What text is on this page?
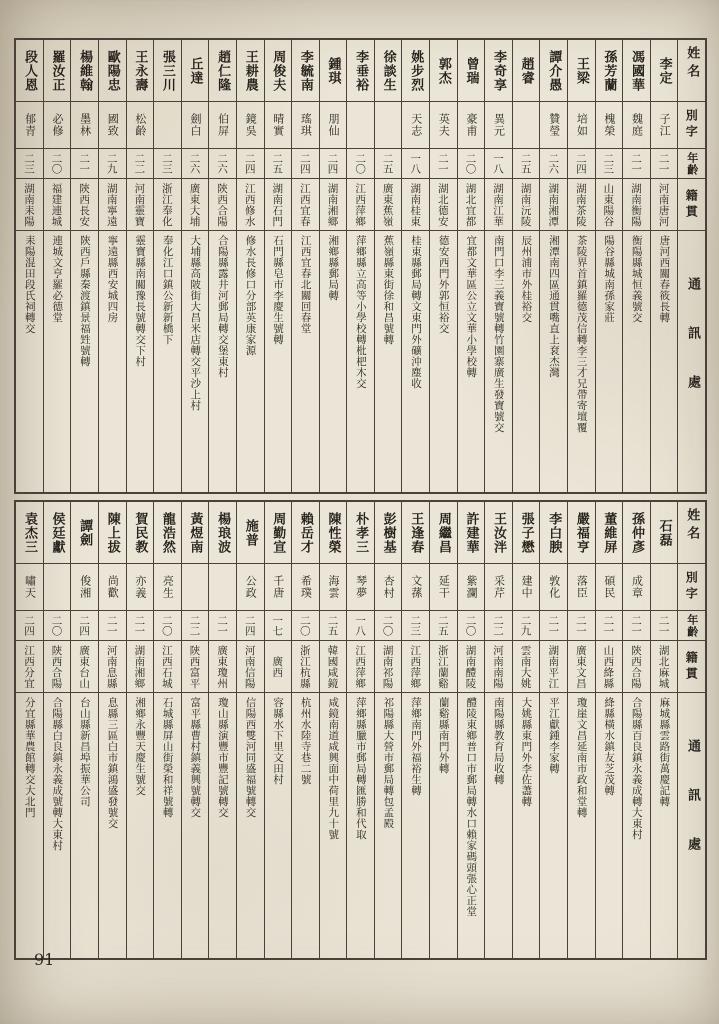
姓名
別字
年齡
籍貫
通訊處
李定
子江
二一
河南唐河
唐河西關春筱長轉
馮國華
魏庭
二一
湖南衡陽
衡陽縣城恒義號交
孫芳蘭
槐榮
二三
山東陽谷
陽谷縣城南孫家莊
王梁
培如
二四
湖南茶陵
茶陵界首鎮羅德茂信轉李三才兄帶寄壇覆
譚介愚
贊瑩
二六
湖南湘潭
湘潭南四區通貫嘴直上袞杰灣
趙睿
二五
湖南沅陵
辰州浦市外桂裕交
李奇享
異元
一八
湖南江華
南門口李三義寶號轉竹園寨廣生發寶號交
曾瑞
豪甫
二〇
湖北宜都
宜都文華區公立文華小學校轉
郭杰
英夫
二一
湖北德安
德安西門外郭恒裕交
姚步烈
天志
一八
湖南桂東
桂東縣郵局轉文東門外礦沖塵收
徐談生
二五
廣東蕉嶺
蕉嶺縣東街徐和昌號轉
李垂裕
二〇
江西萍鄉
萍鄉縣立高等小學校轉枇杷木交
鍾琪
朋仙
二四
湖南湘鄉
湘鄉縣郵局轉
李毓南
瑤琪
二四
江西宜春
江西宜春北關回春堂
周俊夫
晴實
二五
湖南石門
石門縣皂市李慶生號轉
王耕農
鏡吳
二四
江西修水
修水長修口分部英康家源
趙仁隆
伯屏
二六
陝西合陽
合陽縣露井河郵局轉交堡東村
丘達
劍白
二六
廣東大埔
大埔縣高陂街大昌米店轉交平沙上村
張三川
二三
浙江奉化
奉化江口鎮公新新橋下
王永壽
松齡
二二
河南靈寶
靈寶縣南關豫長號轉交下村
歐陽忠
國致
二九
湖南寧遠
寧遠縣西安城四房
楊維翰
墨林
二一
陝西長安
陝西戶縣秦渡鎮景福甡號轉
羅汝正
必修
二〇
福建連城
連城文亨羅必德堂
段人恩
郁青
二三
湖南耒陽
耒陽混田段氏祠轉交
姓名
別字
年齡
籍貫
通訊處
石磊
二一
湖北麻城
麻城縣雲路街萬慶記轉
孫仲彥
成章
二一
陝西合陽
合陽縣百良鎮永義成轉大東村
董維屏
碩民
二一
山西絳縣
絳縣橫水鎮友芝茂轉
嚴福亨
落臣
二一
廣東文昌
瓊崖文昌延南市政和堂轉
李白腴
敦化
二一
湖南平江
平江獻鍾李家轉
張子懋
建中
二九
雲南大姚
大姚縣東門外李佐藎轉
王汝泮
采芹
二二
河南南陽
南陽縣教育局收轉
許建華
紫瀾
二〇
湖南醴陵
醴陵東鄉普口市郵局轉水口賴家碼頭張心正堂
周繼昌
延干
二五
浙江蘭谿
蘭谿縣南門外轉
王逢春
文蓀
二三
江西萍鄉
萍鄉南門外福裕生轉
彭樹基
杏村
二〇
湖南祁陽
祁陽縣大營市郵局轉包孟殿
朴孝三
琴夢
一八
江西萍鄉
萍鄉縣臘市郵局轉匯勝和代取
陳性榮
海雲
二五
韓國咸鏡
咸鏡南道咸興面中荷里九十號
賴岳才
希璞
二〇
浙江杭縣
杭州水陸寺巷二號
周勤宣
千唐
一七
廣西
容縣水下里文田村
施普
公政
二四
河南信陽
信陽西雙河同盛福號轉交
楊琅波
二一
廣東瓊州
瓊山縣演豐市豐記號轉交
黃煜南
二二
陝西富平
富平縣曹村鎮義興號轉交
龍浩然
亮生
二〇
江西石城
石城縣屏山街榮和祥號轉
賀民教
亦義
二一
湖南湘鄉
湘鄉永豐天慶生號交
陳上拔
尚歡
二一
河南息縣
息縣三區白市鎮鴻盛發號交
譚劍
俊湘
二四
廣東台山
台山縣新昌埠振華公司
侯廷獻
二〇
陝西合陽
合陽縣白良鎮永義成號轉大東村
袁杰三
嘯天
二四
江西分宜
分宜縣華農館轉交大北門
91
